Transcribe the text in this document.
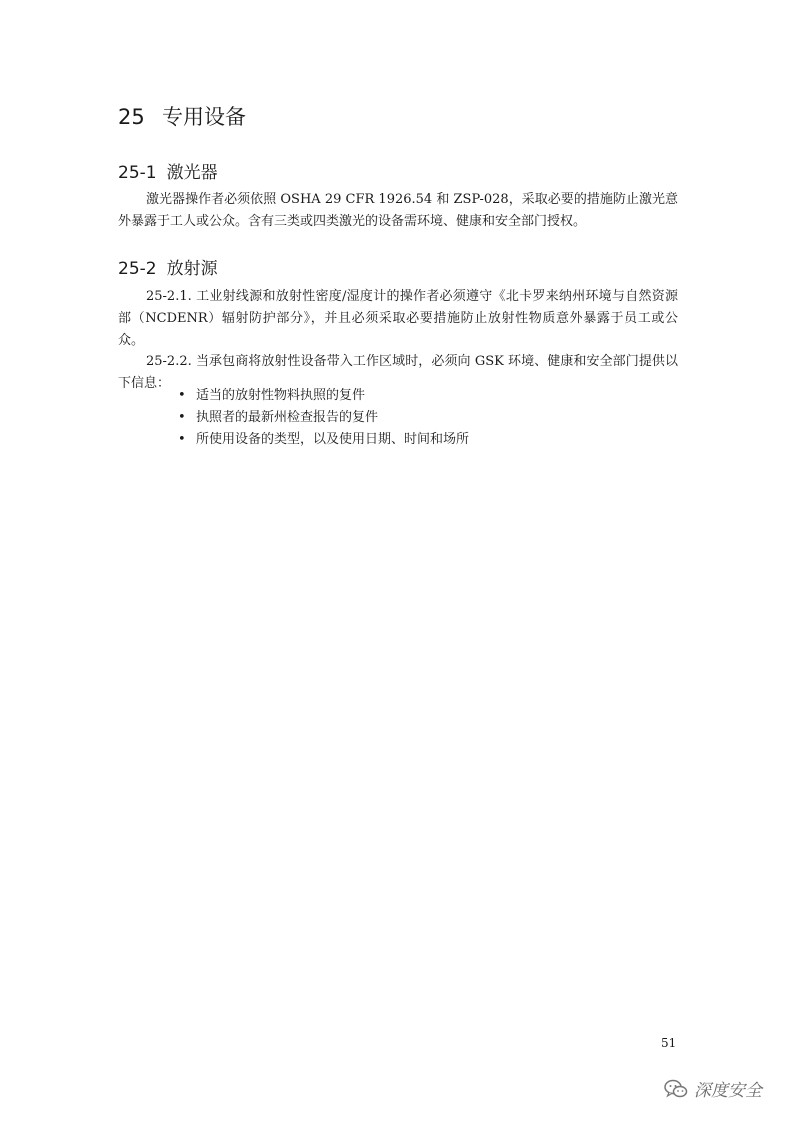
25 专用设备
25-1 激光器

激光器操作者必须依照 OSHA 29 CFR 1926.54 和 ZSP-028，采取必要的措施防止激光意外暴露于工人或公众。含有三类或四类激光的设备需环境、健康和安全部门授权。

25-2 放射源

25-2.1. 工业射线源和放射性密度/湿度计的操作者必须遵守《北卡罗来纳州环境与自然资源部（NCDENR）辐射防护部分》，并且必须采取必要措施防止放射性物质意外暴露于员工或公众。

25-2.2. 当承包商将放射性设备带入工作区域时，必须向 GSK 环境、健康和安全部门提供以下信息：

• 适当的放射性物料执照的复件
• 执照者的最新州检查报告的复件
• 所使用设备的类型，以及使用日期、时间和场所

51

深度安全
